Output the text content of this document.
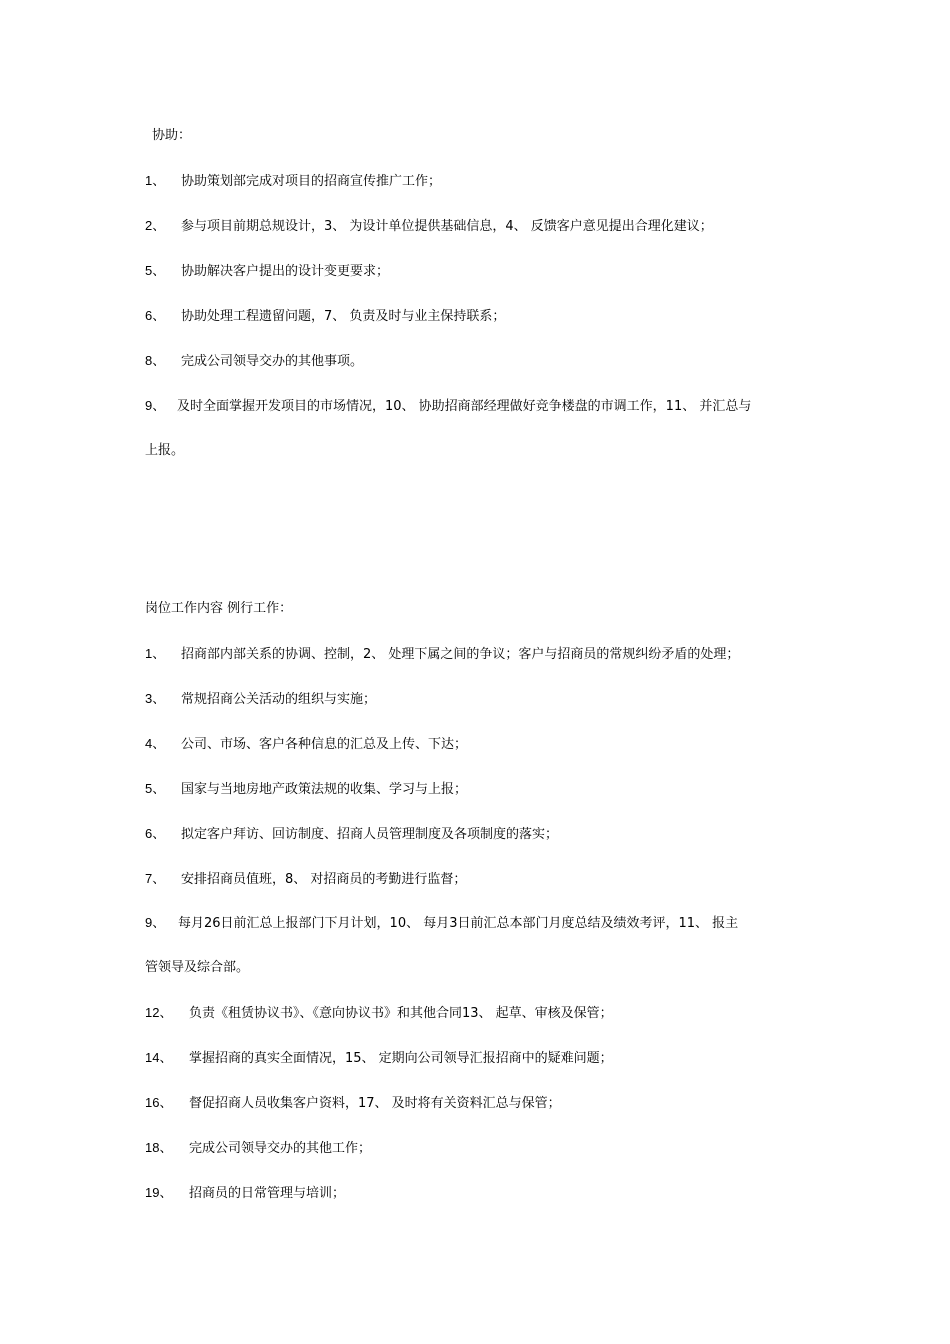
协助：
1、 协助策划部完成对项目的招商宣传推广工作；
2、 参与项目前期总规设计，3、 为设计单位提供基础信息，4、 反馈客户意见提出合理化建议；
5、 协助解决客户提出的设计变更要求；
6、 协助处理工程遗留问题，7、 负责及时与业主保持联系；
8、 完成公司领导交办的其他事项。
9、 及时全面掌握开发项目的市场情况，10、 协助招商部经理做好竞争楼盘的市调工作，11、 并汇总与
上报。
岗位工作内容 例行工作：
1、 招商部内部关系的协调、控制，2、 处理下属之间的争议；客户与招商员的常规纠纷矛盾的处理；
3、 常规招商公关活动的组织与实施；
4、 公司、市场、客户各种信息的汇总及上传、下达；
5、 国家与当地房地产政策法规的收集、学习与上报；
6、 拟定客户拜访、回访制度、招商人员管理制度及各项制度的落实；
7、 安排招商员值班，8、 对招商员的考勤进行监督；
9、 每月26日前汇总上报部门下月计划，10、 每月3日前汇总本部门月度总结及绩效考评，11、 报主
管领导及综合部。
12、 负责《租赁协议书》、《意向协议书》和其他合同13、 起草、审核及保管；
14、 掌握招商的真实全面情况，15、 定期向公司领导汇报招商中的疑难问题；
16、 督促招商人员收集客户资料，17、 及时将有关资料汇总与保管；
18、 完成公司领导交办的其他工作；
19、 招商员的日常管理与培训；
